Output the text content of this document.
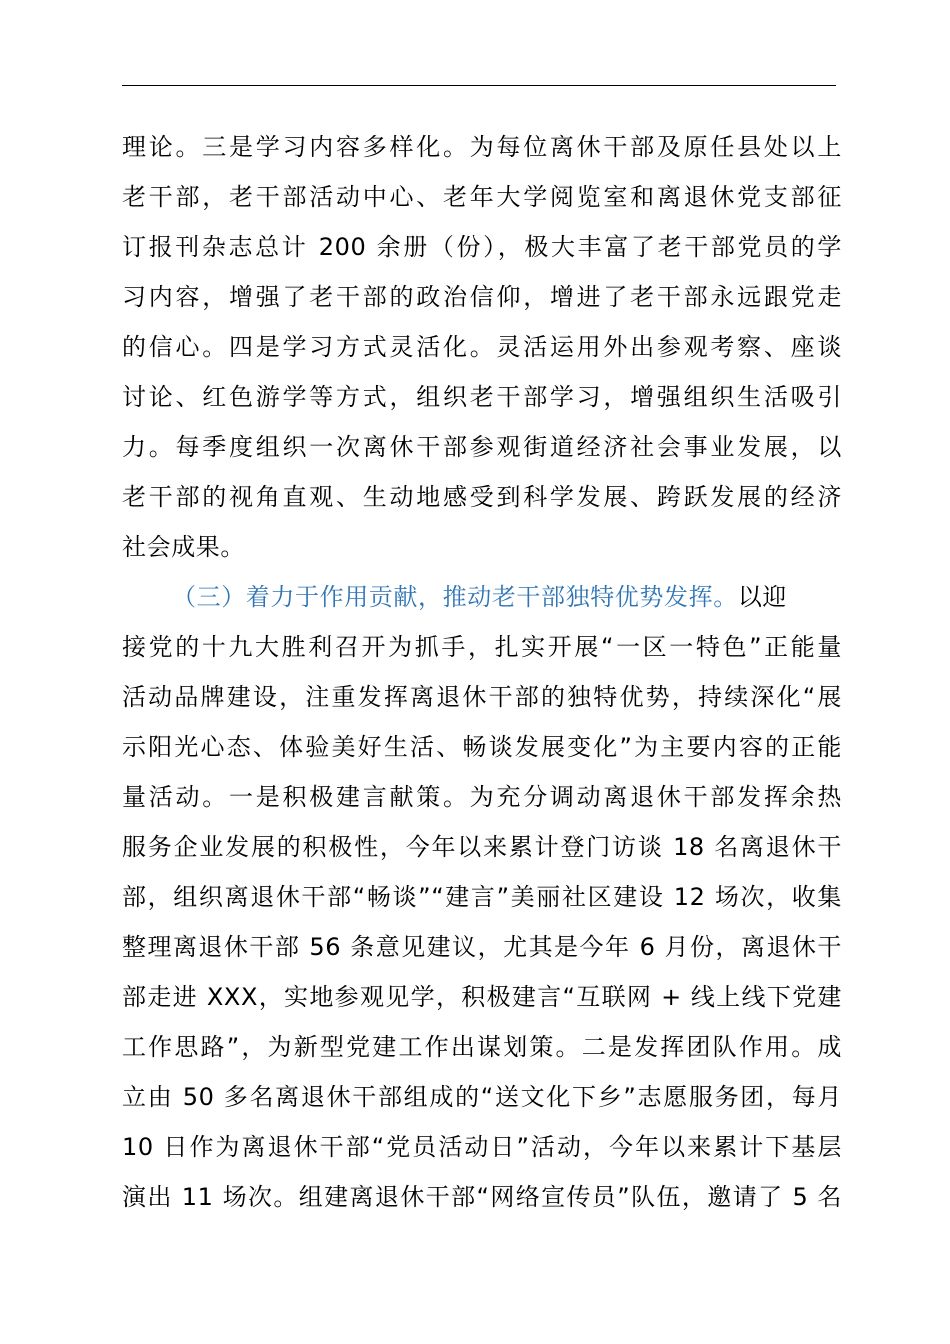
理论。三是学习内容多样化。为每位离休干部及原任县处以上
老干部，老干部活动中心、老年大学阅览室和离退休党支部征
订报刊杂志总计 200 余册（份），极大丰富了老干部党员的学
习内容，增强了老干部的政治信仰，增进了老干部永远跟党走
的信心。四是学习方式灵活化。灵活运用外出参观考察、座谈
讨论、红色游学等方式，组织老干部学习，增强组织生活吸引
力。每季度组织一次离休干部参观街道经济社会事业发展，以
老干部的视角直观、生动地感受到科学发展、跨跃发展的经济
社会成果。
（三）着力于作用贡献，推动老干部独特优势发挥。以迎
接党的十九大胜利召开为抓手，扎实开展“一区一特色”正能量
活动品牌建设，注重发挥离退休干部的独特优势，持续深化“展
示阳光心态、体验美好生活、畅谈发展变化”为主要内容的正能
量活动。一是积极建言献策。为充分调动离退休干部发挥余热
服务企业发展的积极性，今年以来累计登门访谈 18 名离退休干
部，组织离退休干部“畅谈”“建言”美丽社区建设 12 场次，收集
整理离退休干部 56 条意见建议，尤其是今年 6 月份，离退休干
部走进 XXX，实地参观见学，积极建言“互联网 + 线上线下党建
工作思路”，为新型党建工作出谋划策。二是发挥团队作用。成
立由 50 多名离退休干部组成的“送文化下乡”志愿服务团，每月
10 日作为离退休干部“党员活动日”活动，今年以来累计下基层
演出 11 场次。组建离退休干部“网络宣传员”队伍，邀请了 5 名
